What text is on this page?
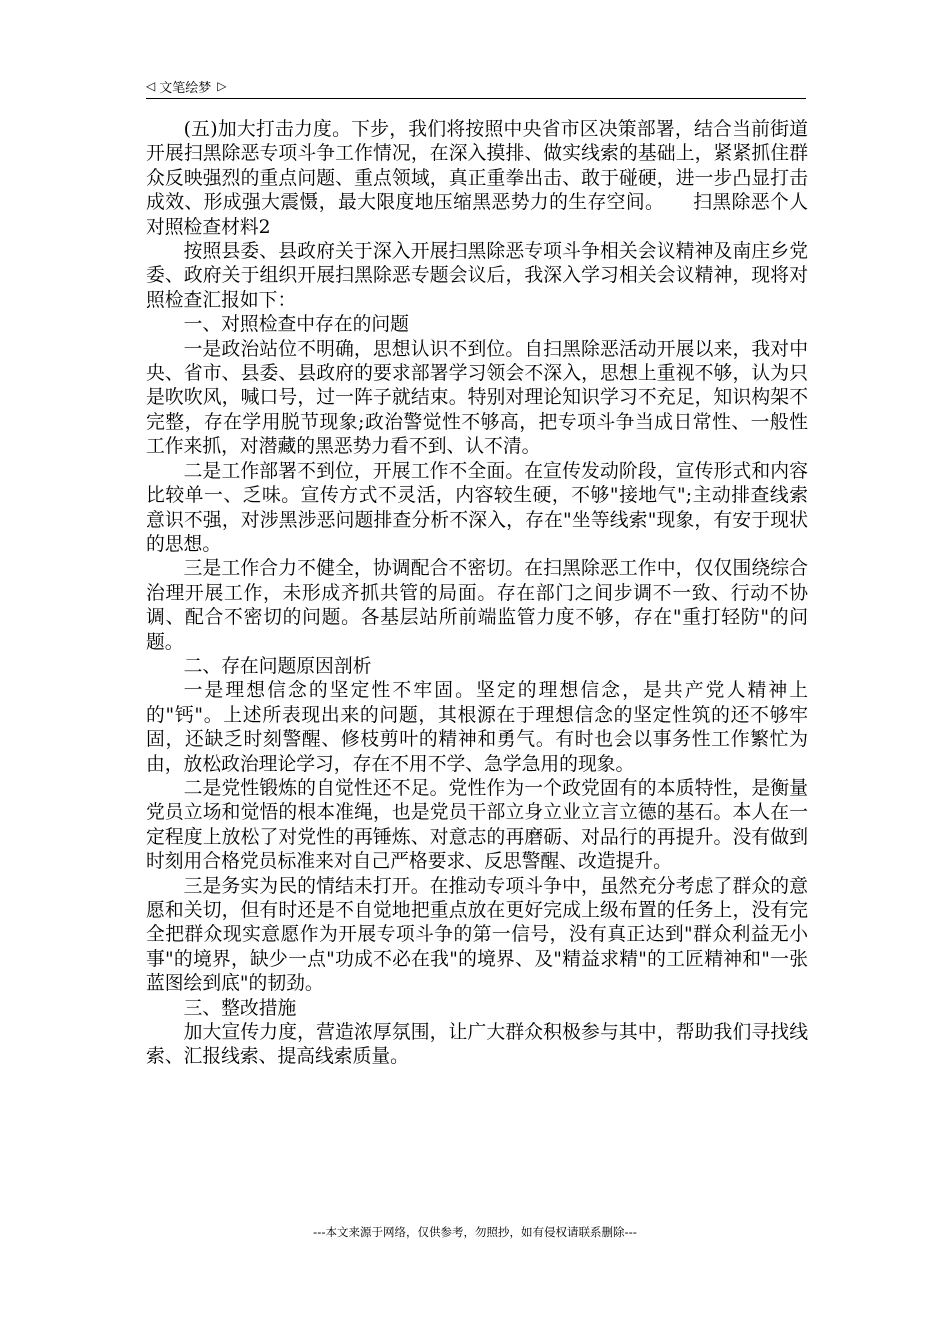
◁ 文笔绘梦 ▷

(五)加大打击力度。下步，我们将按照中央省市区决策部署，结合当前街道开展扫黑除恶专项斗争工作情况，在深入摸排、做实线索的基础上，紧紧抓住群众反映强烈的重点问题、重点领域，真正重拳出击、敢于碰硬，进一步凸显打击成效、形成强大震慑，最大限度地压缩黑恶势力的生存空间。　　扫黑除恶个人对照检查材料2

按照县委、县政府关于深入开展扫黑除恶专项斗争相关会议精神及南庄乡党委、政府关于组织开展扫黑除恶专题会议后，我深入学习相关会议精神，现将对照检查汇报如下：

一、对照检查中存在的问题

一是政治站位不明确，思想认识不到位。自扫黑除恶活动开展以来，我对中央、省市、县委、县政府的要求部署学习领会不深入，思想上重视不够，认为只是吹吹风，喊口号，过一阵子就结束。特别对理论知识学习不充足，知识构架不完整，存在学用脱节现象;政治警觉性不够高，把专项斗争当成日常性、一般性工作来抓，对潜藏的黑恶势力看不到、认不清。

二是工作部署不到位，开展工作不全面。在宣传发动阶段，宣传形式和内容比较单一、乏味。宣传方式不灵活，内容较生硬，不够"接地气";主动排查线索意识不强，对涉黑涉恶问题排查分析不深入，存在"坐等线索"现象，有安于现状的思想。

三是工作合力不健全，协调配合不密切。在扫黑除恶工作中，仅仅围绕综合治理开展工作，未形成齐抓共管的局面。存在部门之间步调不一致、行动不协调、配合不密切的问题。各基层站所前端监管力度不够，存在"重打轻防"的问题。

二、存在问题原因剖析

一是理想信念的坚定性不牢固。坚定的理想信念，是共产党人精神上的"钙"。上述所表现出来的问题，其根源在于理想信念的坚定性筑的还不够牢固，还缺乏时刻警醒、修枝剪叶的精神和勇气。有时也会以事务性工作繁忙为由，放松政治理论学习，存在不用不学、急学急用的现象。

二是党性锻炼的自觉性还不足。党性作为一个政党固有的本质特性，是衡量党员立场和觉悟的根本准绳，也是党员干部立身立业立言立德的基石。本人在一定程度上放松了对党性的再锤炼、对意志的再磨砺、对品行的再提升。没有做到时刻用合格党员标准来对自己严格要求、反思警醒、改造提升。

三是务实为民的情结未打开。在推动专项斗争中，虽然充分考虑了群众的意愿和关切，但有时还是不自觉地把重点放在更好完成上级布置的任务上，没有完全把群众现实意愿作为开展专项斗争的第一信号，没有真正达到"群众利益无小事"的境界，缺少一点"功成不必在我"的境界、及"精益求精"的工匠精神和"一张蓝图绘到底"的韧劲。

三、整改措施

加大宣传力度，营造浓厚氛围，让广大群众积极参与其中，帮助我们寻找线索、汇报线索、提高线索质量。

---本文来源于网络，仅供参考，勿照抄，如有侵权请联系删除---
